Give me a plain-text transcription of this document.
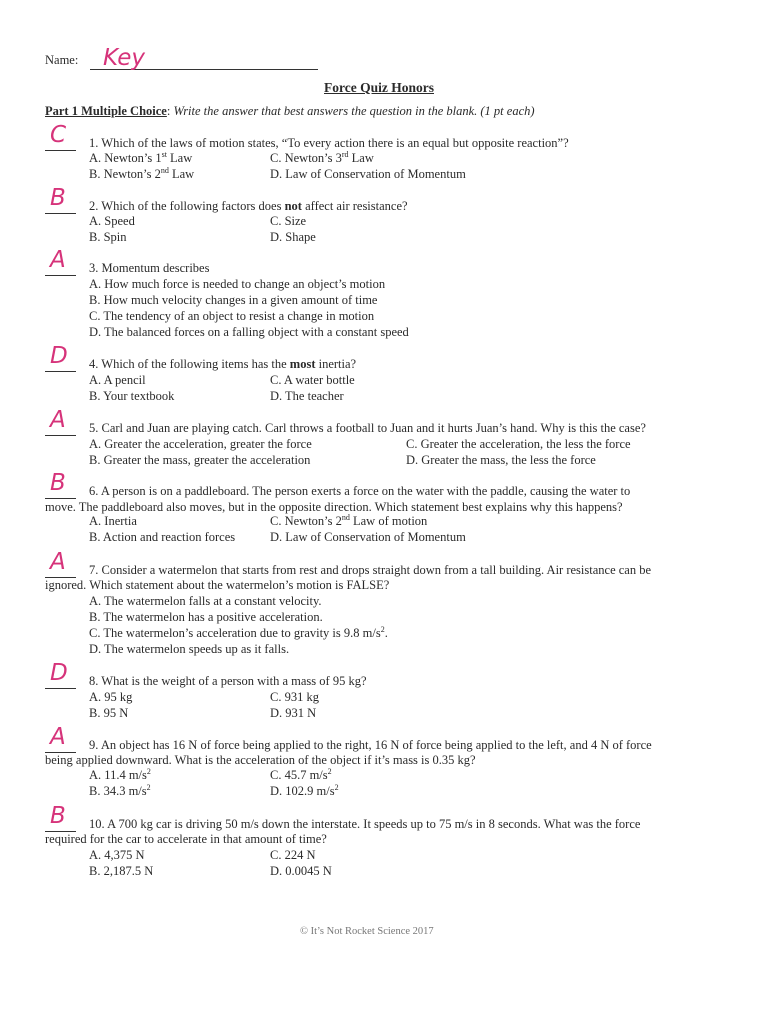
Name: Key
Force Quiz Honors
Part 1 Multiple Choice: Write the answer that best answers the question in the blank. (1 pt each)
C 1. Which of the laws of motion states, “To every action there is an equal but opposite reaction”?
A. Newton’s 1st Law	C. Newton’s 3rd Law
B. Newton’s 2nd Law	D. Law of Conservation of Momentum
B 2. Which of the following factors does not affect air resistance?
A. Speed	C. Size
B. Spin	D. Shape
A 3. Momentum describes
A. How much force is needed to change an object’s motion
B. How much velocity changes in a given amount of time
C. The tendency of an object to resist a change in motion
D. The balanced forces on a falling object with a constant speed
D 4. Which of the following items has the most inertia?
A. A pencil	C. A water bottle
B. Your textbook	D. The teacher
A 5. Carl and Juan are playing catch. Carl throws a football to Juan and it hurts Juan’s hand. Why is this the case?
A. Greater the acceleration, greater the force	C. Greater the acceleration, the less the force
B. Greater the mass, greater the acceleration	D. Greater the mass, the less the force
B 6. A person is on a paddleboard. The person exerts a force on the water with the paddle, causing the water to
move. The paddleboard also moves, but in the opposite direction. Which statement best explains why this happens?
A. Inertia	C. Newton’s 2nd Law of motion
B. Action and reaction forces	D. Law of Conservation of Momentum
A 7. Consider a watermelon that starts from rest and drops straight down from a tall building. Air resistance can be
ignored. Which statement about the watermelon’s motion is FALSE?
A. The watermelon falls at a constant velocity.
B. The watermelon has a positive acceleration.
C. The watermelon’s acceleration due to gravity is 9.8 $m/s^2$.
D. The watermelon speeds up as it falls.
D 8. What is the weight of a person with a mass of 95 kg?
A. 95 kg	C. 931 kg
B. 95 N	D. 931 N
A 9. An object has 16 N of force being applied to the right, 16 N of force being applied to the left, and 4 N of force
being applied downward. What is the acceleration of the object if it’s mass is 0.35 kg?
A. 11.4 $m/s^2$	C. 45.7 $m/s^2$
B. 34.3 $m/s^2$	D. 102.9 $m/s^2$
B 10. A 700 kg car is driving 50 m/s down the interstate. It speeds up to 75 m/s in 8 seconds. What was the force
required for the car to accelerate in that amount of time?
A. 4,375 N	C. 224 N
B. 2,187.5 N	D. 0.0045 N
© It’s Not Rocket Science 2017
